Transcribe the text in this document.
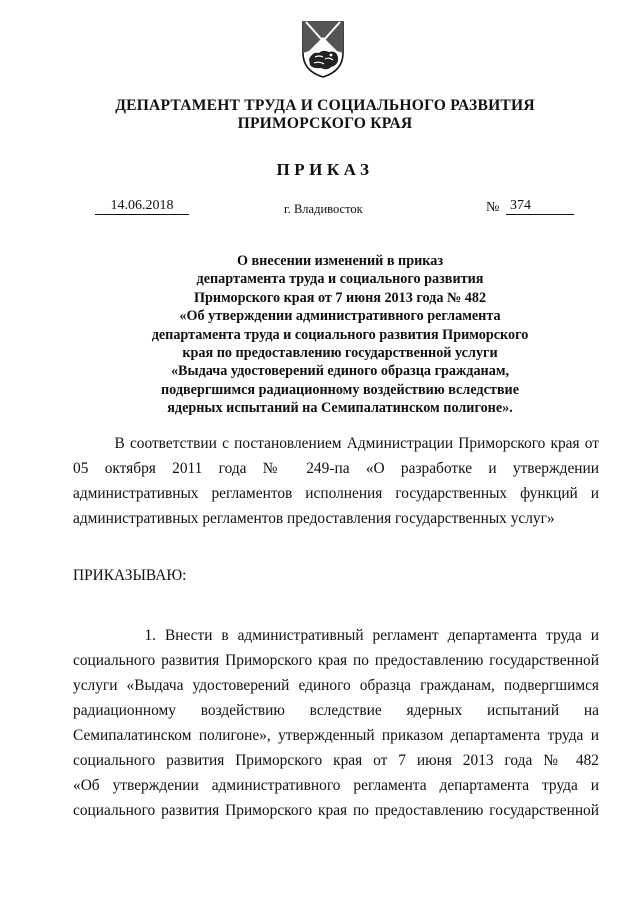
ДЕПАРТАМЕНТ ТРУДА И СОЦИАЛЬНОГО РАЗВИТИЯ
ПРИМОРСКОГО КРАЯ
ПРИКАЗ
14.06.2018	г. Владивосток	№ 374
О внесении изменений в приказ
департамента труда и социального развития
Приморского края от 7 июня 2013 года № 482
«Об утверждении административного регламента
департамента труда и социального развития Приморского
края по предоставлению государственной услуги
«Выдача удостоверений единого образца гражданам,
подвергшимся радиационному воздействию вследствие
ядерных испытаний на Семипалатинском полигоне».
В соответствии с постановлением Администрации Приморского края от
05 октября 2011 года № 249-па «О разработке и утверждении
административных регламентов исполнения государственных функций и
административных регламентов предоставления государственных услуг»
ПРИКАЗЫВАЮ:
1. Внести в административный регламент департамента труда и
социального развития Приморского края по предоставлению государственной
услуги «Выдача удостоверений единого образца гражданам, подвергшимся
радиационному воздействию вследствие ядерных испытаний на
Семипалатинском полигоне», утвержденный приказом департамента труда и
социального развития Приморского края от 7 июня 2013 года № 482
«Об утверждении административного регламента департамента труда и
социального развития Приморского края по предоставлению государственной
